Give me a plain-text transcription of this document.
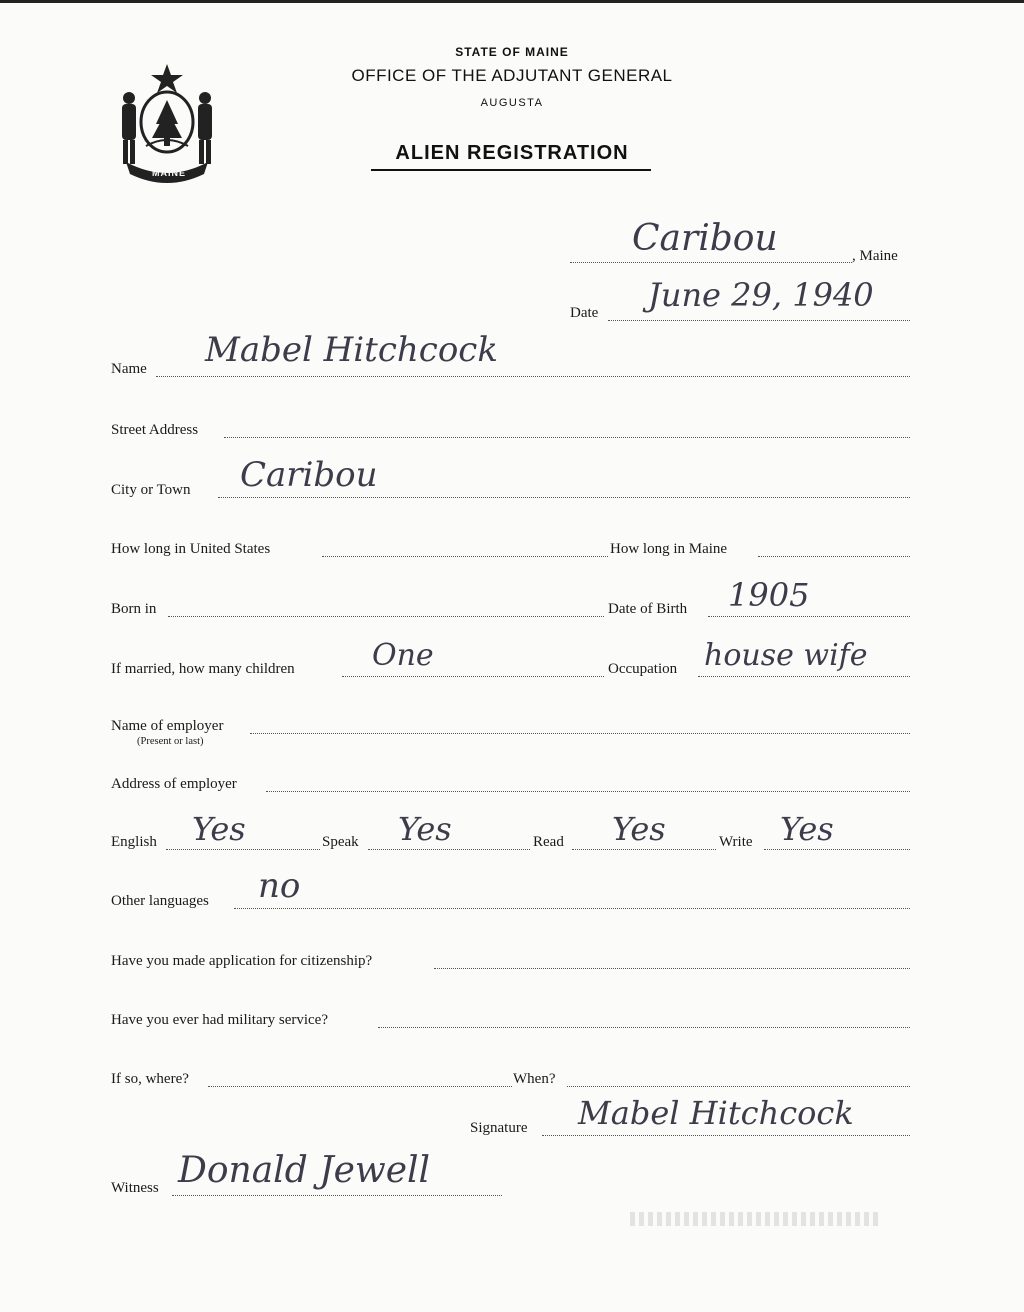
MAINE
STATE OF MAINE
OFFICE OF THE ADJUTANT GENERAL
AUGUSTA
ALIEN REGISTRATION
Caribou	, Maine
Date June 29, 1940
Name Mabel Hitchcock
Street Address
City or Town Caribou
How long in United States	How long in Maine
Born in	Date of Birth 1905
If married, how many children	One	Occupation house wife
Name of employer
(Present or last)
Address of employer
English Yes	Speak Yes	Read Yes	Write Yes
Other languages no
Have you made application for citizenship?
Have you ever had military service?
If so, where?	When?
Signature Mabel Hitchcock
Witness Donald Jewell
